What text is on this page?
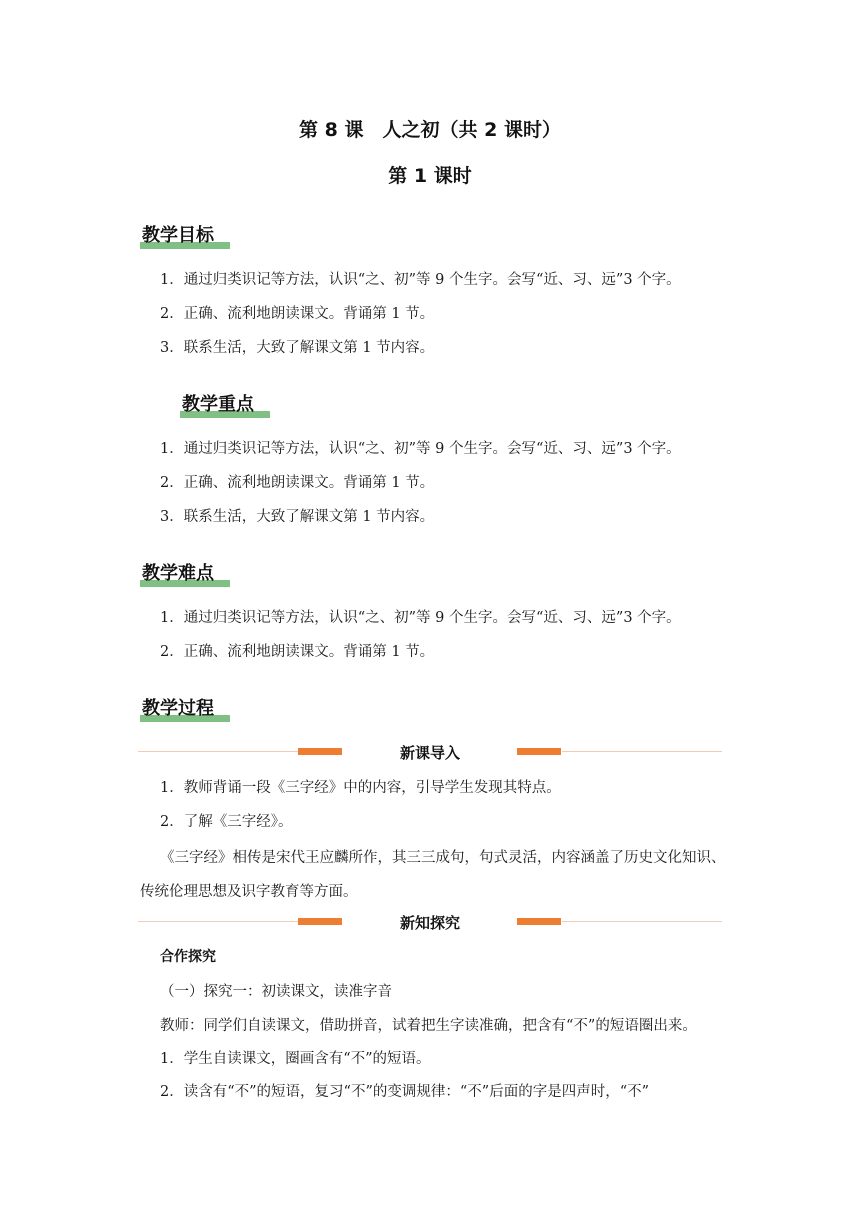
第 8 课　人之初（共 2 课时）
第 1 课时
教学目标
1．通过归类识记等方法，认识“之、初”等 9 个生字。会写“近、习、远”3 个字。
2．正确、流利地朗读课文。背诵第 1 节。
3．联系生活，大致了解课文第 1 节内容。
教学重点
1．通过归类识记等方法，认识“之、初”等 9 个生字。会写“近、习、远”3 个字。
2．正确、流利地朗读课文。背诵第 1 节。
3．联系生活，大致了解课文第 1 节内容。
教学难点
1．通过归类识记等方法，认识“之、初”等 9 个生字。会写“近、习、远”3 个字。
2．正确、流利地朗读课文。背诵第 1 节。
教学过程
新课导入
1．教师背诵一段《三字经》中的内容，引导学生发现其特点。
2．了解《三字经》。
《三字经》相传是宋代王应麟所作，其三三成句，句式灵活，内容涵盖了历史文化知识、
传统伦理思想及识字教育等方面。
新知探究
合作探究
（一）探究一：初读课文，读准字音
教师：同学们自读课文，借助拼音，试着把生字读准确，把含有“不”的短语圈出来。
1．学生自读课文，圈画含有“不”的短语。
2．读含有“不”的短语，复习“不”的变调规律：“不”后面的字是四声时，“不”
